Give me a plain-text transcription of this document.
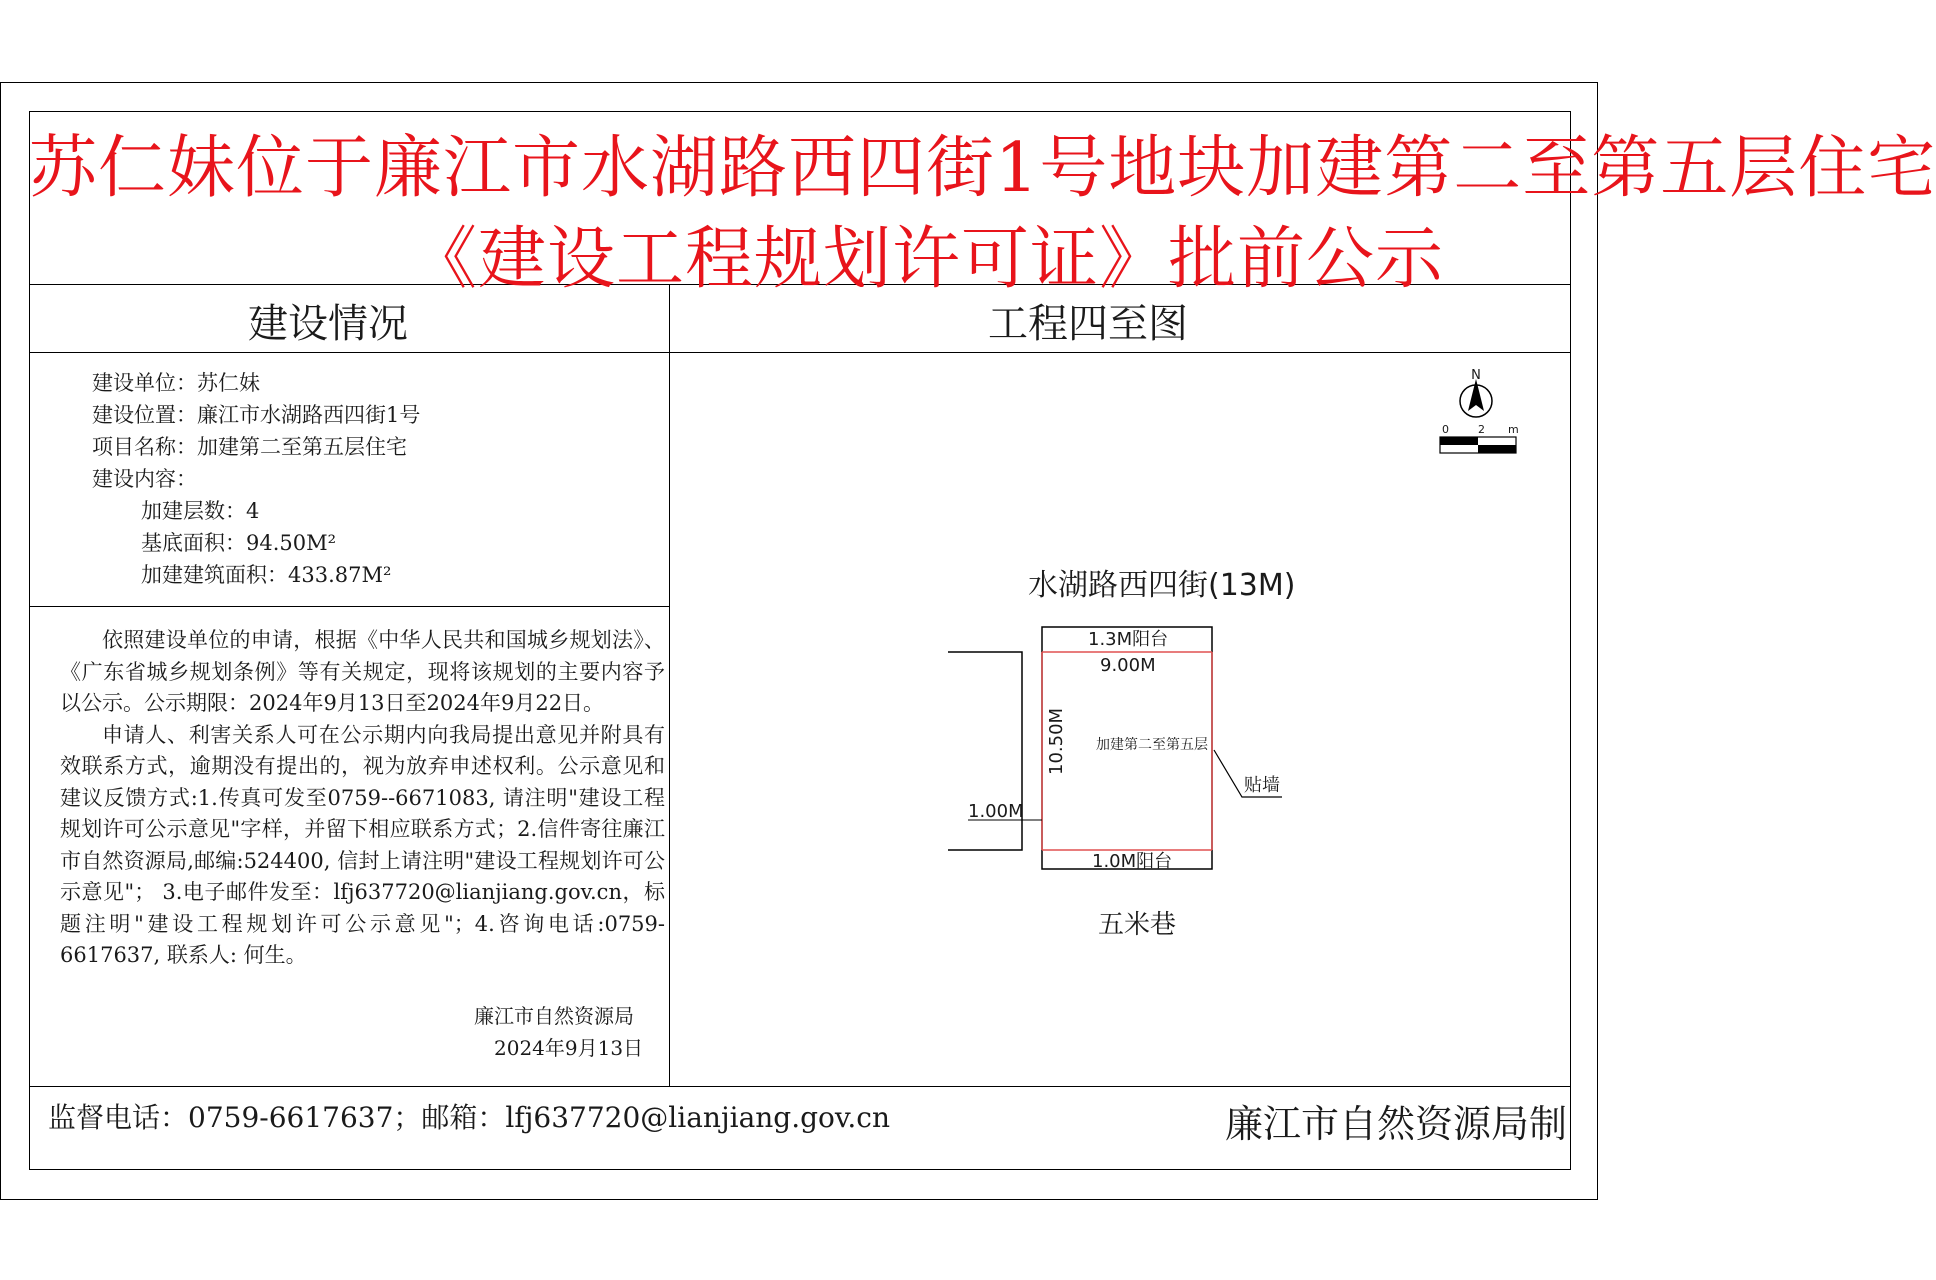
苏仁妹位于廉江市水湖路西四街1号地块加建第二至第五层住宅
《建设工程规划许可证》批前公示
建设情况	工程四至图
建设单位：苏仁妹
建设位置：廉江市水湖路西四街1号
项目名称：加建第二至第五层住宅
建设内容：
加建层数：4
基底面积：94.50M²
加建建筑面积：433.87M²

依照建设单位的申请，根据《中华人民共和国城乡规划法》、《广东省城乡规划条例》等有关规定，现将该规划的主要内容予以公示。公示期限：2024年9月13日至2024年9月22日。

申请人、利害关系人可在公示期内向我局提出意见并附具有效联系方式，逾期没有提出的，视为放弃申述权利。公示意见和建议反馈方式:1.传真可发至0759--6671083, 请注明"建设工程规划许可公示意见"字样，并留下相应联系方式；2.信件寄往廉江市自然资源局,邮编:524400, 信封上请注明"建设工程规划许可公示意见"； 3.电子邮件发至：lfj637720@lianjiang.gov.cn，标题注明"建设工程规划许可公示意见"；4.咨询电话:0759-6617637, 联系人: 何生。

廉江市自然资源局
2024年9月13日
监督电话：0759-6617637；邮箱：lfj637720@lianjiang.gov.cn	廉江市自然资源局制
N
0	2 m
水湖路西四街(13M)
五米巷
1.3M阳台
9.00M
10.50M 加建第二至第五层
1.00M
贴墙
1.0M阳台
